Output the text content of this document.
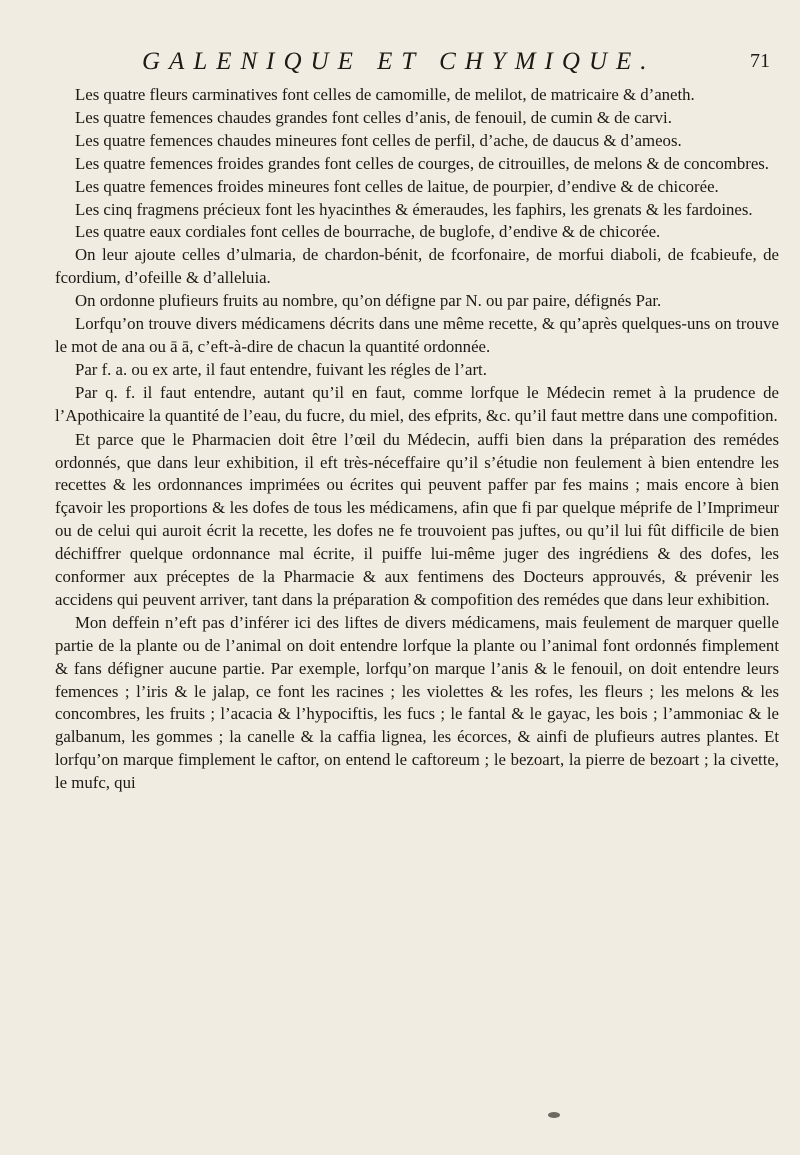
GALENIQUE ET CHYMIQUE.	71

Les quatre fleurs carminatives font celles de camomille, de melilot, de matricaire & d’aneth.

Les quatre femences chaudes grandes font celles d’anis, de fenouil, de cumin & de carvi.

Les quatre femences chaudes mineures font celles de perfil, d’ache, de daucus & d’ameos.

Les quatre femences froides grandes font celles de courges, de citrouilles, de melons & de concombres.

Les quatre femences froides mineures font celles de laitue, de pourpier, d’endive & de chicorée.

Les cinq fragmens précieux font les hyacinthes & émeraudes, les faphirs, les grenats & les fardoines.

Les quatre eaux cordiales font celles de bourrache, de buglofe, d’endive & de chicorée.

On leur ajoute celles d’ulmaria, de chardon-bénit, de fcorfonaire, de morfui diaboli, de fcabieufe, de fcordium, d’ofeille & d’alleluia.

On ordonne plufieurs fruits au nombre, qu’on défigne par N. ou par paire, défignés Par.

Lorfqu’on trouve divers médicamens décrits dans une même recette, & qu’après quelques-uns on trouve le mot de ana ou ā ā, c’eft-à-dire de chacun la quantité ordonnée.

Par f. a. ou ex arte, il faut entendre, fuivant les régles de l’art.

Par q. f. il faut entendre, autant qu’il en faut, comme lorfque le Médecin remet à la prudence de l’Apothicaire la quantité de l’eau, du fucre, du miel, des efprits, &c. qu’il faut mettre dans une compofition.

Et parce que le Pharmacien doit être l’œil du Médecin, auffi bien dans la préparation des remédes ordonnés, que dans leur exhibition, il eft très-néceffaire qu’il s’étudie non feulement à bien entendre les recettes & les ordonnances imprimées ou écrites qui peuvent paffer par fes mains ; mais encore à bien fçavoir les proportions & les dofes de tous les médicamens, afin que fi par quelque méprife de l’Imprimeur ou de celui qui auroit écrit la recette, les dofes ne fe trouvoient pas juftes, ou qu’il lui fût difficile de bien déchiffrer quelque ordonnance mal écrite, il puiffe lui-même juger des ingrédiens & des dofes, les conformer aux préceptes de la Pharmacie & aux fentimens des Docteurs approuvés, & prévenir les accidens qui peuvent arriver, tant dans la préparation & compofition des remédes que dans leur exhibition.

Mon deffein n’eft pas d’inférer ici des liftes de divers médicamens, mais feulement de marquer quelle partie de la plante ou de l’animal on doit entendre lorfque la plante ou l’animal font ordonnés fimplement & fans défigner aucune partie. Par exemple, lorfqu’on marque l’anis & le fenouil, on doit entendre leurs femences ; l’iris & le jalap, ce font les racines ; les violettes & les rofes, les fleurs ; les melons & les concombres, les fruits ; l’acacia & l’hypociftis, les fucs ; le fantal & le gayac, les bois ; l’ammoniac & le galbanum, les gommes ; la canelle & la caffia lignea, les écorces, & ainfi de plufieurs autres plantes. Et lorfqu’on marque fimplement le caftor, on entend le caftoreum ; le bezoart, la pierre de bezoart ; la civette, le mufc, qui
